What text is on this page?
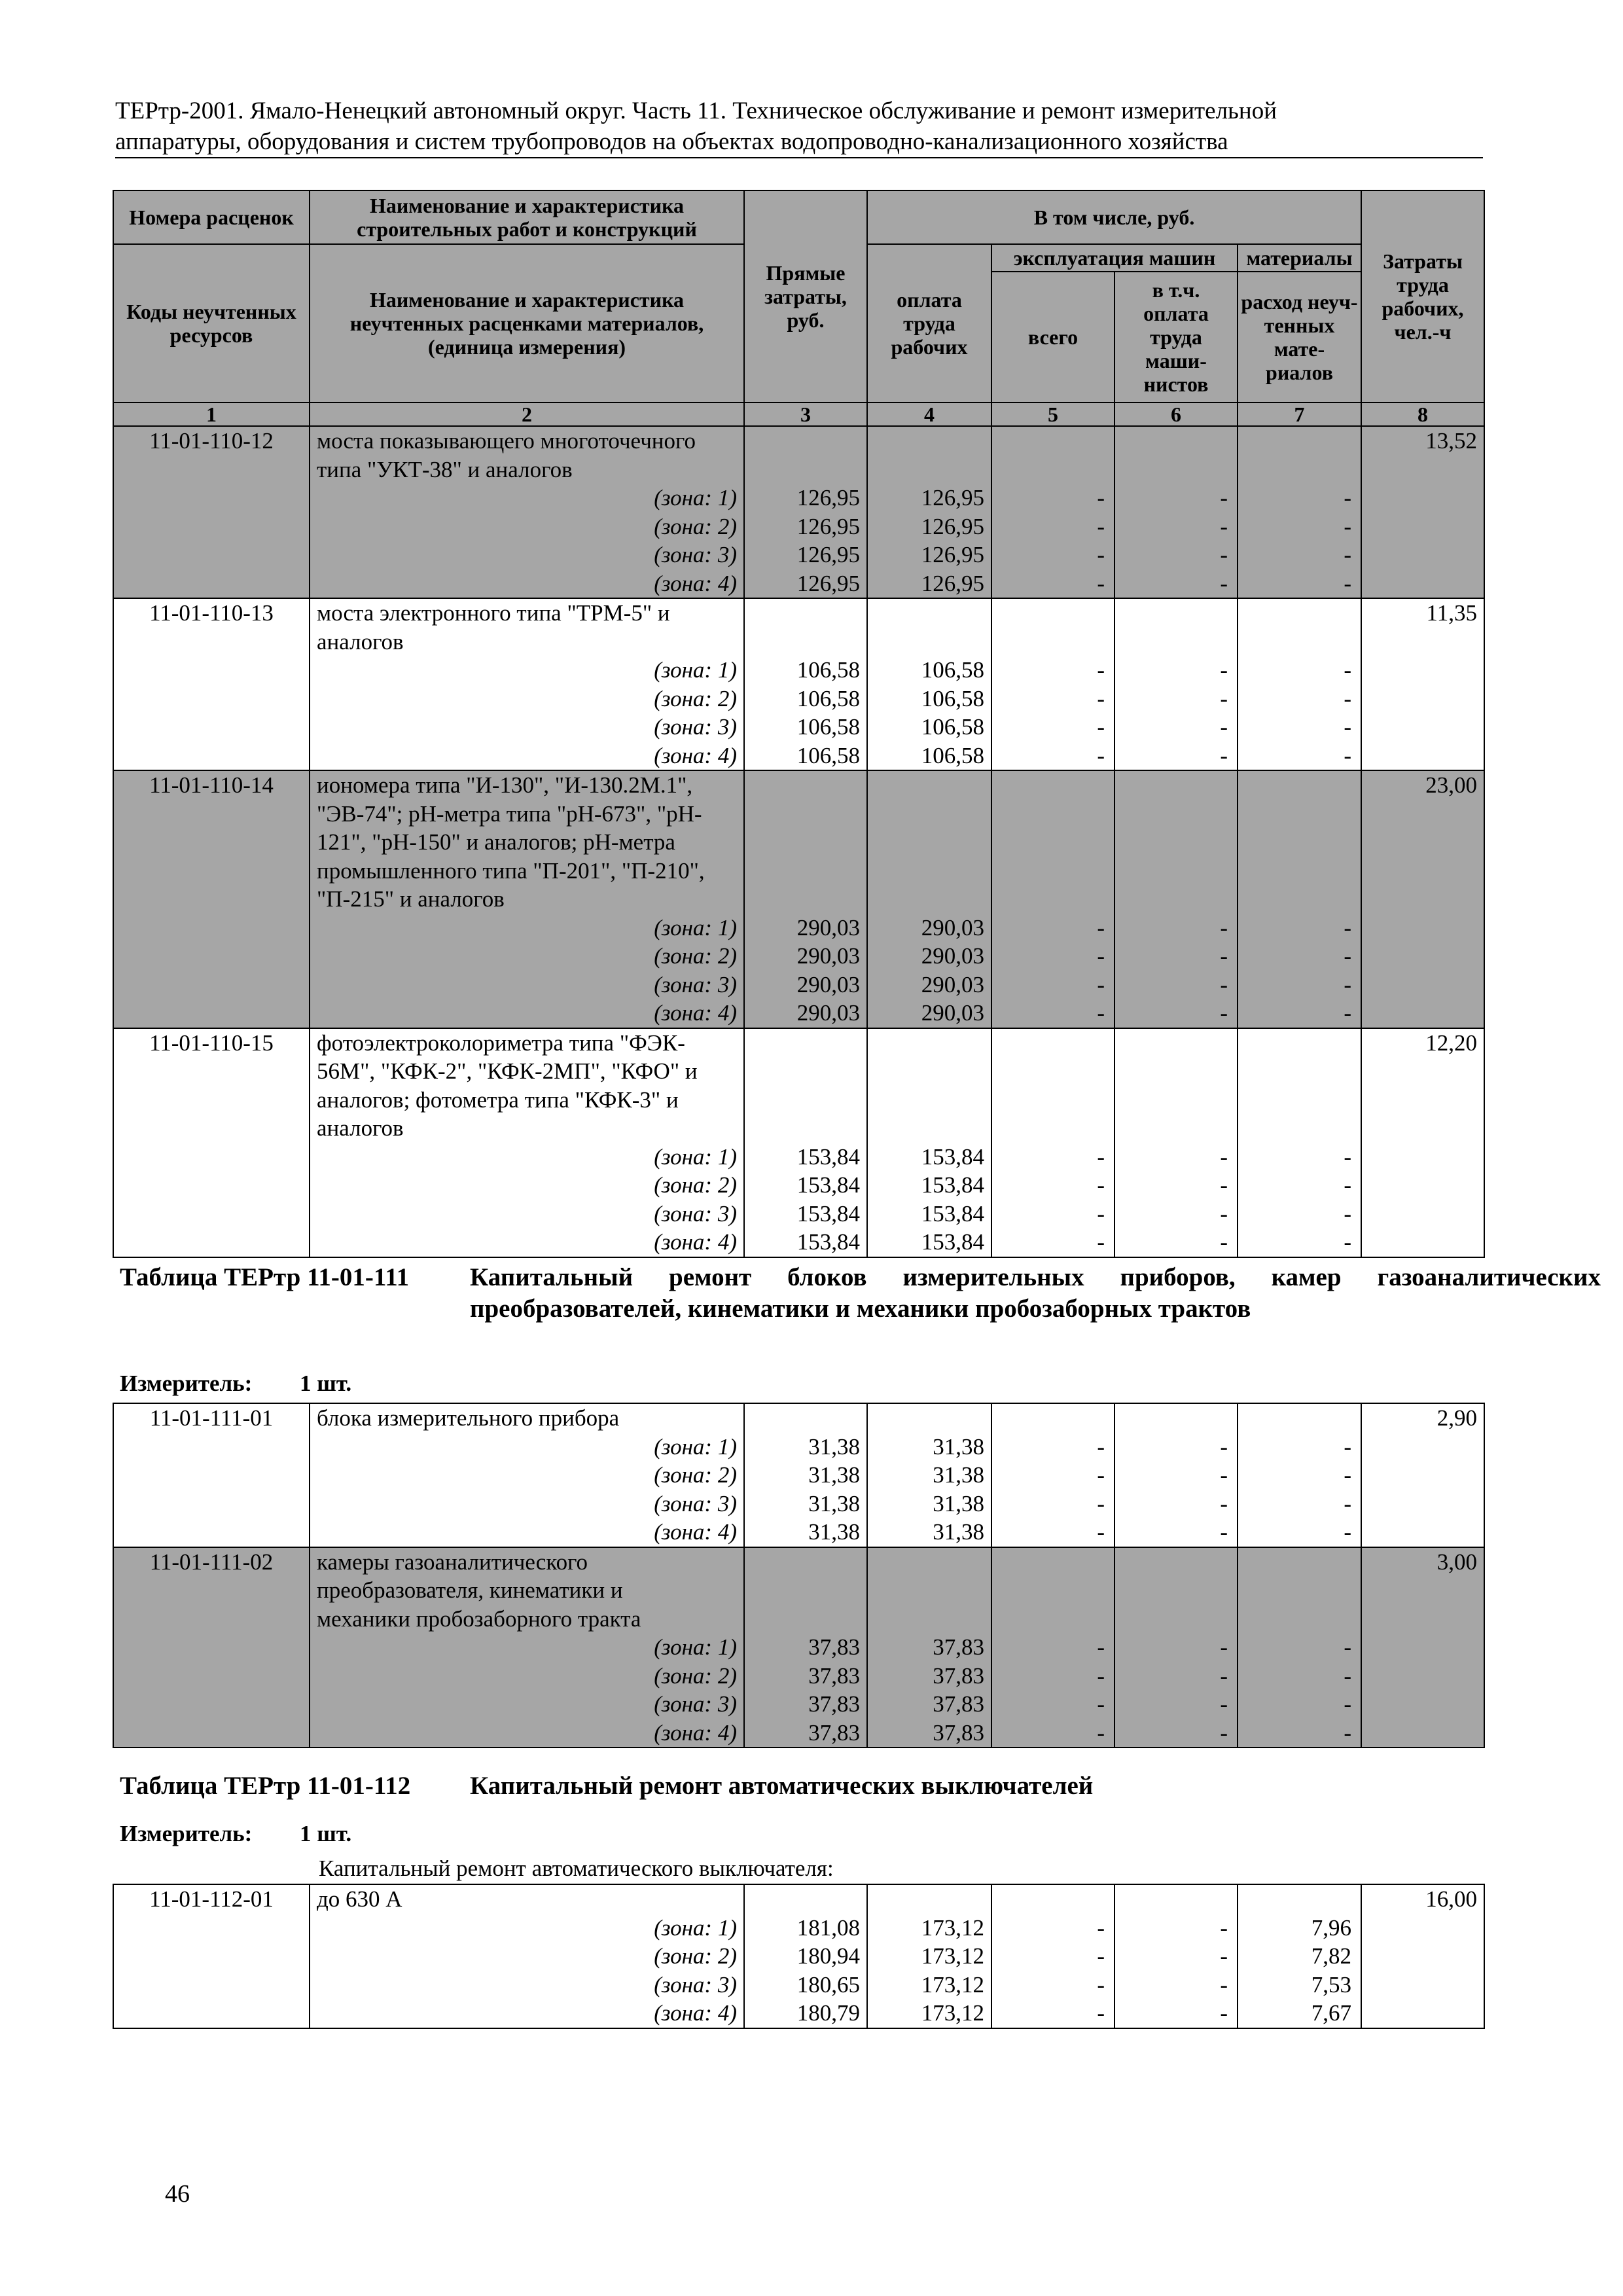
ТЕРтр-2001. Ямало-Ненецкий автономный округ. Часть 11. Техническое обслуживание и ремонт измерительной
аппаратуры, оборудования и систем трубопроводов на объектах водопроводно-канализационного хозяйства
Номера расценок	Наименование и характеристика строительных работ и конструкций	Прямые затраты, руб.	В том числе, руб.				Затраты труда рабочих, чел.-ч
Коды неучтенных ресурсов	Наименование и характеристика неучтенных расценками материалов, (единица измерения)		оплата труда рабочих	эксплуатация машин		материалы	
				всего	в т.ч. оплата труда маши-нистов	расход неуч-тенных мате-риалов	
1	2	3	4	5	6	7	8
11-01-110-12	моста показывающего многоточечного						13,52
	типа "УКТ-38" и аналогов						
	(зона: 1)	126,95	126,95	-	-	-	
	(зона: 2)	126,95	126,95	-	-	-	
	(зона: 3)	126,95	126,95	-	-	-	
	(зона: 4)	126,95	126,95	-	-	-	
11-01-110-13	моста электронного типа "ТРМ-5" и						11,35
	аналогов						
	(зона: 1)	106,58	106,58	-	-	-	
	(зона: 2)	106,58	106,58	-	-	-	
	(зона: 3)	106,58	106,58	-	-	-	
	(зона: 4)	106,58	106,58	-	-	-	
11-01-110-14	иономера типа "И-130", "И-130.2М.1",						23,00
	"ЭВ-74"; рН-метра типа "рН-673", "рН-						
	121", "рН-150" и аналогов; рН-метра						
	промышленного типа "П-201", "П-210",						
	"П-215" и аналогов						
	(зона: 1)	290,03	290,03	-	-	-	
	(зона: 2)	290,03	290,03	-	-	-	
	(зона: 3)	290,03	290,03	-	-	-	
	(зона: 4)	290,03	290,03	-	-	-	
11-01-110-15	фотоэлектроколориметра типа "ФЭК-						12,20
	56М", "КФК-2", "КФК-2МП", "КФО" и						
	аналогов; фотометра типа "КФК-3" и						
	аналогов						
	(зона: 1)	153,84	153,84	-	-	-	
	(зона: 2)	153,84	153,84	-	-	-	
	(зона: 3)	153,84	153,84	-	-	-	
	(зона: 4)	153,84	153,84	-	-	-	
Таблица ТЕРтр 11-01-111 Капитальный ремонт блоков измерительных приборов, камер газоаналитических преобразователей, кинематики и механики пробозаборных трактов
Измеритель: 1 шт.
11-01-111-01	блока измерительного прибора						2,90
	(зона: 1)	31,38	31,38	-	-	-	
	(зона: 2)	31,38	31,38	-	-	-	
	(зона: 3)	31,38	31,38	-	-	-	
	(зона: 4)	31,38	31,38	-	-	-	
11-01-111-02	камеры газоаналитического						3,00
	преобразователя, кинематики и						
	механики пробозаборного тракта						
	(зона: 1)	37,83	37,83	-	-	-	
	(зона: 2)	37,83	37,83	-	-	-	
	(зона: 3)	37,83	37,83	-	-	-	
	(зона: 4)	37,83	37,83	-	-	-	
Таблица ТЕРтр 11-01-112 Капитальный ремонт автоматических выключателей
Измеритель: 1 шт.
Капитальный ремонт автоматического выключателя:
11-01-112-01	до 630 А						16,00
	(зона: 1)	181,08	173,12	-	-	7,96	
	(зона: 2)	180,94	173,12	-	-	7,82	
	(зона: 3)	180,65	173,12	-	-	7,53	
	(зона: 4)	180,79	173,12	-	-	7,67	
46
